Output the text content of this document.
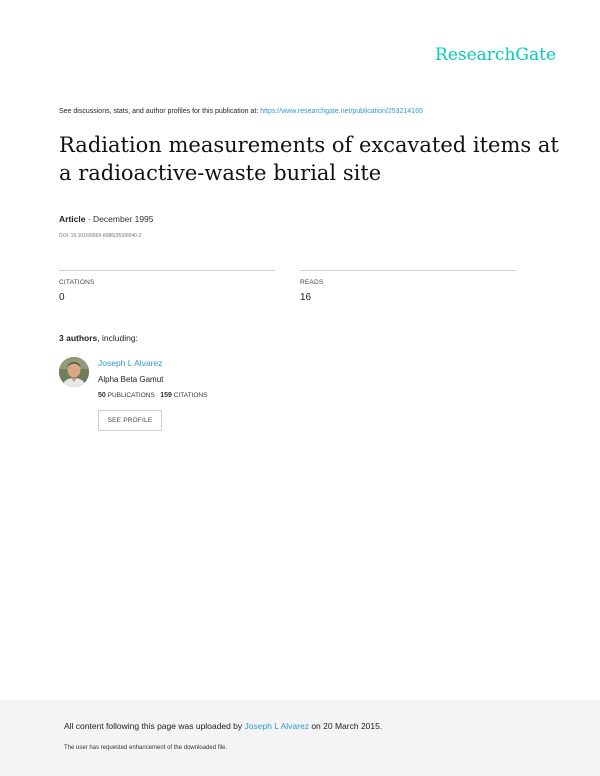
ResearchGate
See discussions, stats, and author profiles for this publication at: https://www.researchgate.net/publication/253214165
Radiation measurements of excavated items at a radioactive-waste burial site
Article · December 1995
DOI: 10.1016/0969-8086(95)00040-2
CITATIONS
0
READS
16
3 authors, including:
Joseph L Alvarez
Alpha Beta Gamut
50 PUBLICATIONS 159 CITATIONS
SEE PROFILE
All content following this page was uploaded by Joseph L Alvarez on 20 March 2015.
The user has requested enhancement of the downloaded file.
